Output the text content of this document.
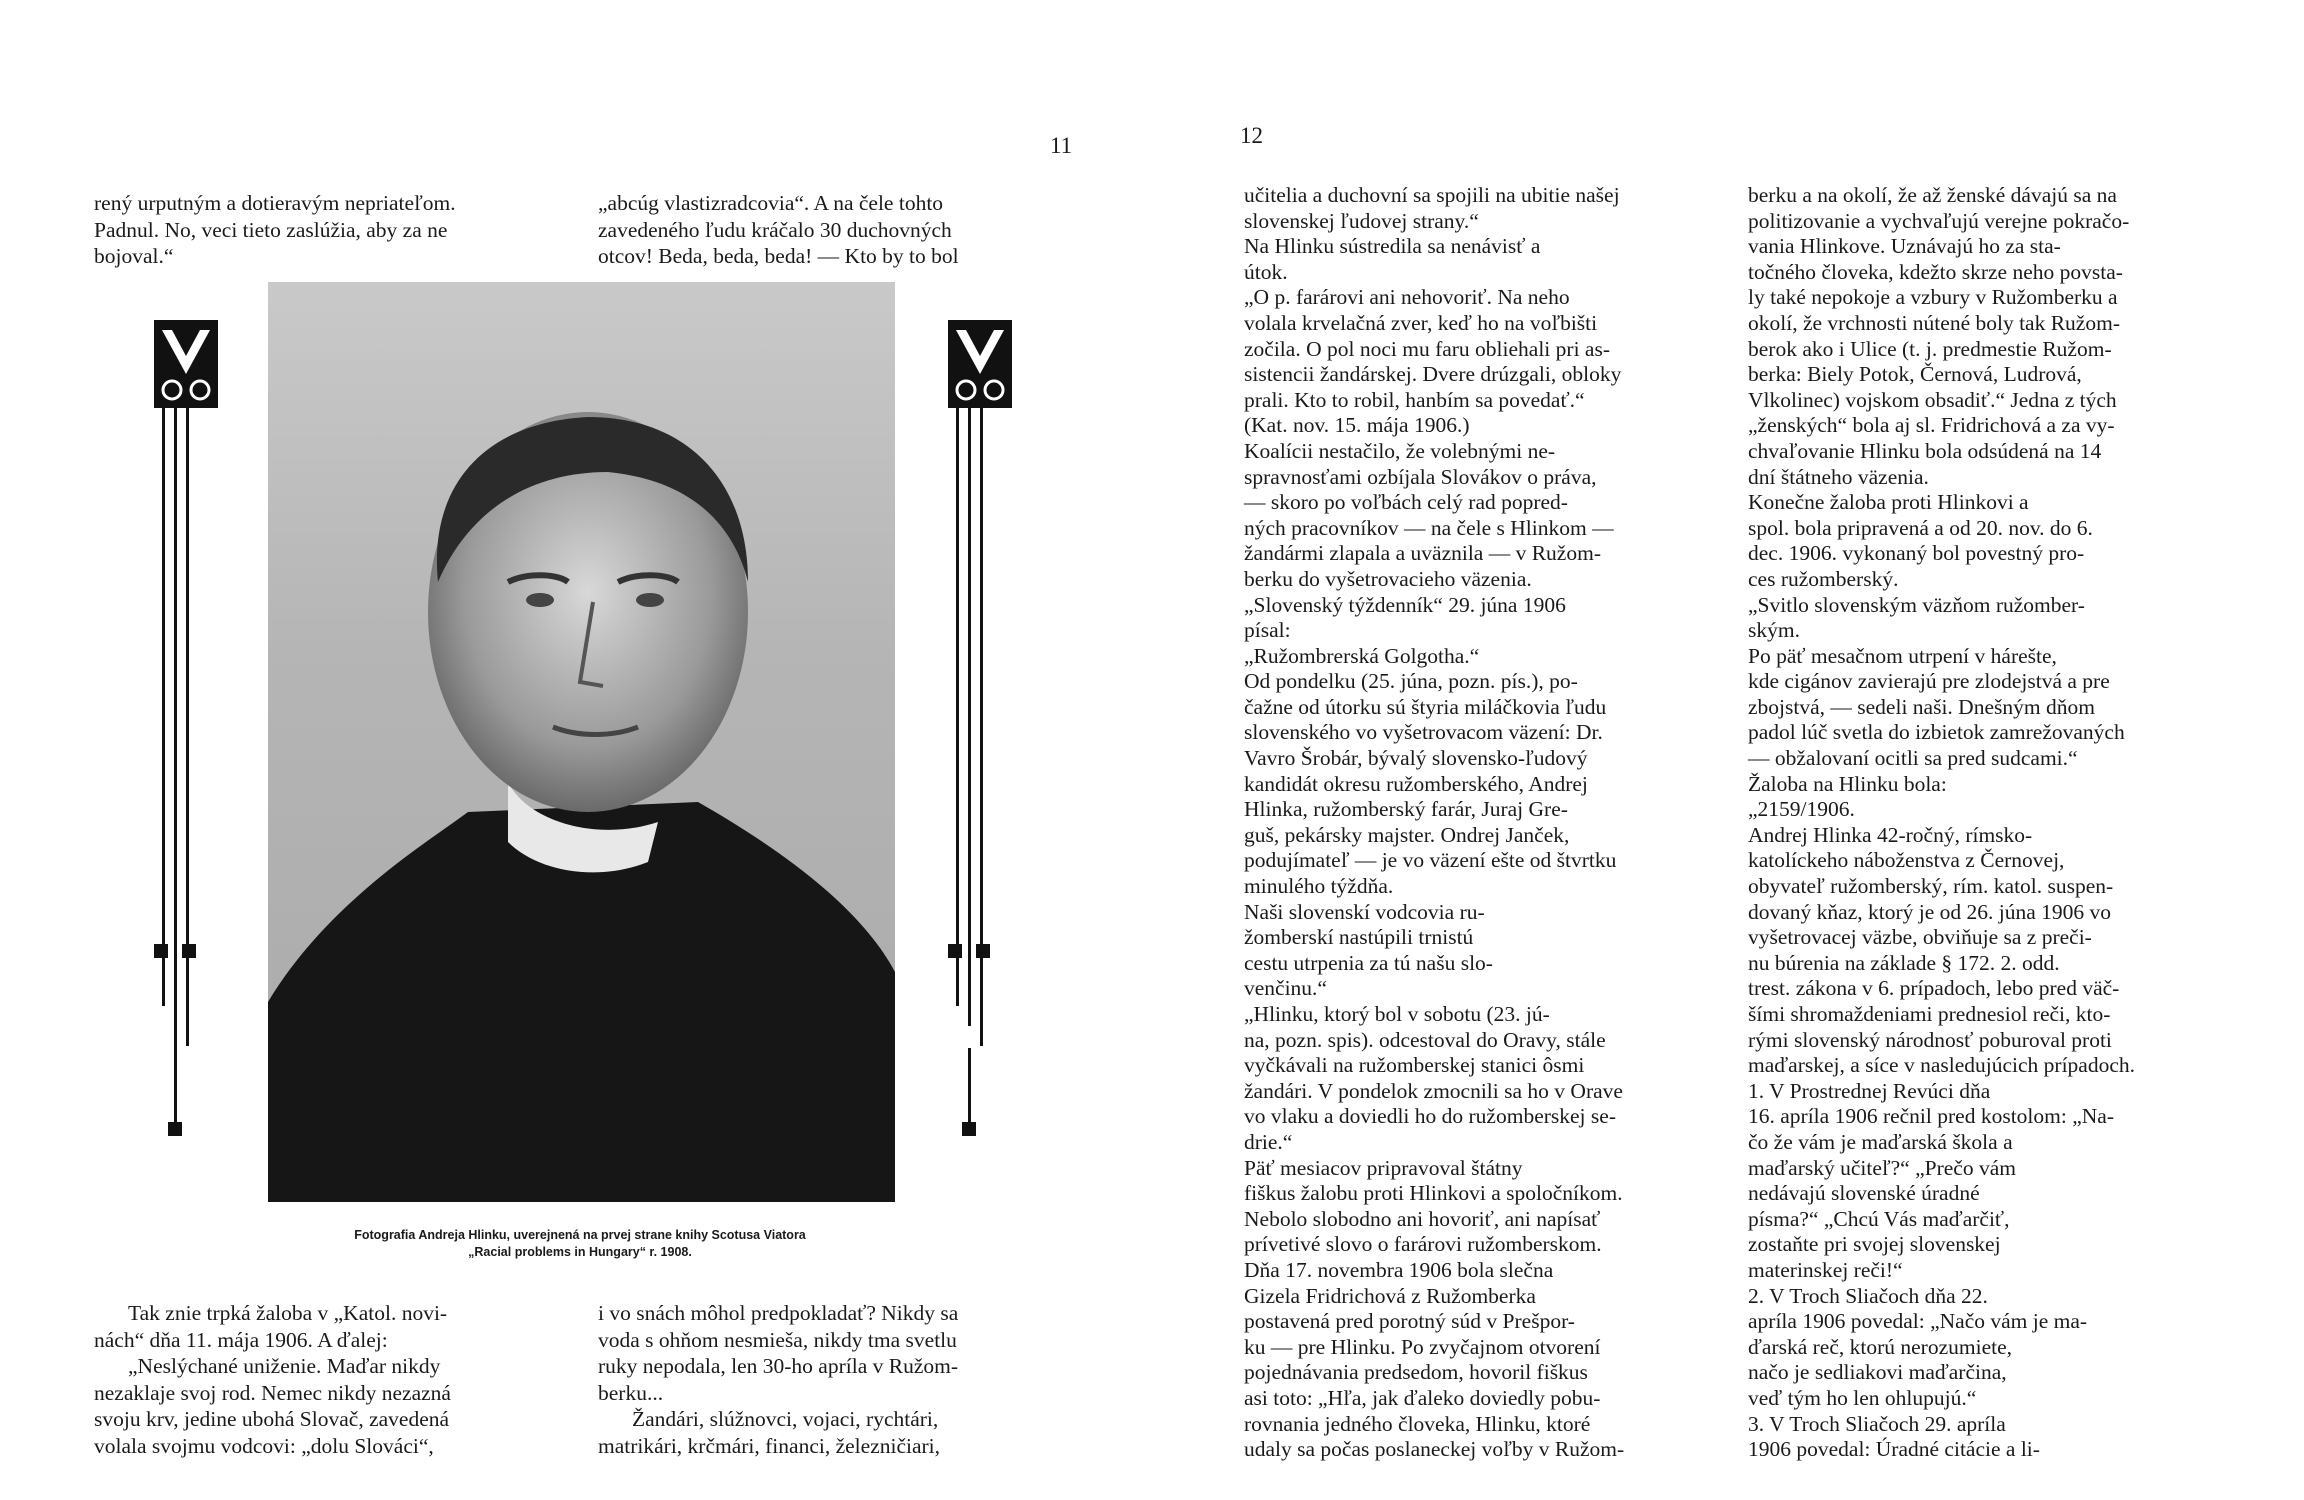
11

rený urputným a dotieravým nepriateľom.

Padnul. No, veci tieto zaslúžia, aby za ne

bojoval.“

„abcúg vlastizradcovia“. A na čele tohto

zavedeného ľudu kráčalo 30 duchovných

otcov! Beda, beda, beda! — Kto by to bol

Fotografia Andreja Hlinku, uverejnená na prvej strane knihy Scotusa Viatora
„Racial problems in Hungary“ r. 1908.

Tak znie trpká žaloba v „Katol. novi-

nách“ dňa 11. mája 1906. A ďalej:

„Neslýchané uniženie. Maďar nikdy

nezaklaje svoj rod. Nemec nikdy nezazná

svoju krv, jedine ubohá Slovač, zavedená

volala svojmu vodcovi: „dolu Slováci“,

i vo snách môhol predpokladať? Nikdy sa

voda s ohňom nesmieša, nikdy tma svetlu

ruky nepodala, len 30-ho apríla v Ružom-

berku...

Žandári, slúžnovci, vojaci, rychtári,

matrikári, krčmári, financi, železničiari,

12

učitelia a duchovní sa spojili na ubitie našej

slovenskej ľudovej strany.“

Na Hlinku sústredila sa nenávisť a

útok.

„O p. farárovi ani nehovoriť. Na neho

volala krvelačná zver, keď ho na voľbišti

zočila. O pol noci mu faru obliehali pri as-

sistencii žandárskej. Dvere drúzgali, obloky

prali. Kto to robil, hanbím sa povedať.“

(Kat. nov. 15. mája 1906.)

Koalícii nestačilo, že volebnými ne-

spravnosťami ozbíjala Slovákov o práva,

— skoro po voľbách celý rad popred-

ných pracovníkov — na čele s Hlinkom —

žandármi zlapala a uväznila — v Ružom-

berku do vyšetrovacieho väzenia.

„Slovenský týždenník“ 29. júna 1906

písal:

„Ružombrerská Golgotha.“

Od pondelku (25. júna, pozn. pís.), po-

čažne od útorku sú štyria miláčkovia ľudu

slovenského vo vyšetrovacom väzení: Dr.

Vavro Šrobár, bývalý slovensko-ľudový

kandidát okresu ružomberského, Andrej

Hlinka, ružomberský farár, Juraj Gre-

guš, pekársky majster. Ondrej Janček,

podujímateľ — je vo väzení ešte od štvrtku

minulého týždňa.

Naši slovenskí vodcovia ru-

žomberskí nastúpili trnistú

cestu utrpenia za tú našu slo-

venčinu.“

„Hlinku, ktorý bol v sobotu (23. jú-

na, pozn. spis). odcestoval do Oravy, stále

vyčkávali na ružomberskej stanici ôsmi

žandári. V pondelok zmocnili sa ho v Orave

vo vlaku a doviedli ho do ružomberskej se-

drie.“

Päť mesiacov pripravoval štátny

fiškus žalobu proti Hlinkovi a spoločníkom.

Nebolo slobodno ani hovoriť, ani napísať

prívetivé slovo o farárovi ružomberskom.

Dňa 17. novembra 1906 bola slečna

Gizela Fridrichová z Ružomberka

postavená pred porotný súd v Prešpor-

ku — pre Hlinku. Po zvyčajnom otvorení

pojednávania predsedom, hovoril fiškus

asi toto: „Hľa, jak ďaleko doviedly pobu-

rovnania jedného človeka, Hlinku, ktoré

udaly sa počas poslaneckej voľby v Ružom-

berku a na okolí, že až ženské dávajú sa na

politizovanie a vychvaľujú verejne pokračo-

vania Hlinkove. Uznávajú ho za sta-

točného človeka, kdežto skrze neho povsta-

ly také nepokoje a vzbury v Ružomberku a

okolí, že vrchnosti nútené boly tak Ružom-

berok ako i Ulice (t. j. predmestie Ružom-

berka: Biely Potok, Černová, Ludrová,

Vlkolinec) vojskom obsadiť.“ Jedna z tých

„ženských“ bola aj sl. Fridrichová a za vy-

chvaľovanie Hlinku bola odsúdená na 14

dní štátneho väzenia.

Konečne žaloba proti Hlinkovi a

spol. bola pripravená a od 20. nov. do 6.

dec. 1906. vykonaný bol povestný pro-

ces ružomberský.

„Svitlo slovenským väzňom ružomber-

ským.

Po päť mesačnom utrpení v hárešte,

kde cigánov zavierajú pre zlodejstvá a pre

zbojstvá, — sedeli naši. Dnešným dňom

padol lúč svetla do izbietok zamrežovaných

— obžalovaní ocitli sa pred sudcami.“

Žaloba na Hlinku bola:

„2159/1906.

Andrej Hlinka 42-ročný, rímsko-

katolíckeho náboženstva z Černovej,

obyvateľ ružomberský, rím. katol. suspen-

dovaný kňaz, ktorý je od 26. júna 1906 vo

vyšetrovacej väzbe, obviňuje sa z preči-

nu búrenia na základe § 172. 2. odd.

trest. zákona v 6. prípadoch, lebo pred väč-

šími shromaždeniami prednesiol reči, kto-

rými slovenský národnosť poburoval proti

maďarskej, a síce v nasledujúcich prípadoch.

1. V Prostrednej Revúci dňa

16. apríla 1906 rečnil pred kostolom: „Na-

čo že vám je maďarská škola a

maďarský učiteľ?“ „Prečo vám

nedávajú slovenské úradné

písma?“ „Chcú Vás maďarčiť,

zostaňte pri svojej slovenskej

materinskej reči!“

2. V Troch Sliačoch dňa 22.

apríla 1906 povedal: „Načo vám je ma-

ďarská reč, ktorú nerozumiete,

načo je sedliakovi maďarčina,

veď tým ho len ohlupujú.“

3. V Troch Sliačoch 29. apríla

1906 povedal: Úradné citácie a li-
